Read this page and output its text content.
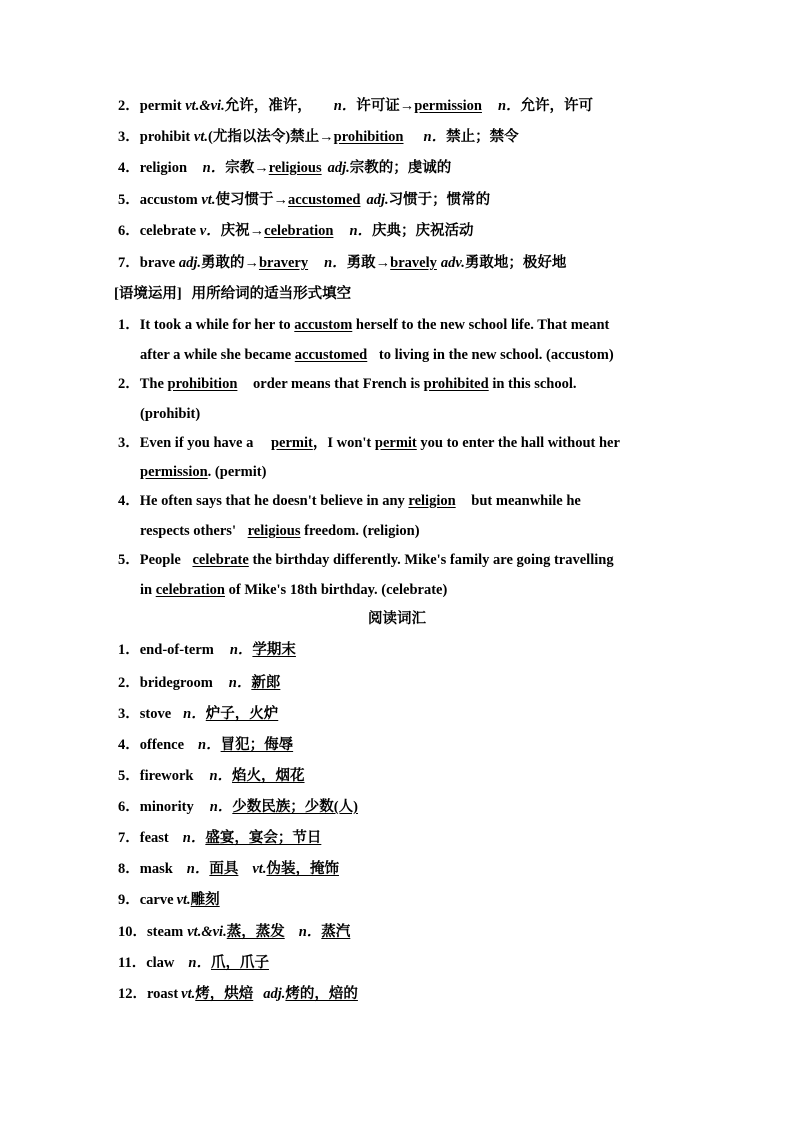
2．permit vt.&vi.允许，准许， n．许可证→permission n．允许，许可
3．prohibit vt.(尤指以法令)禁止→prohibition n．禁止；禁令
4．religion n．宗教→religious adj.宗教的；虔诚的
5．accustom vt.使习惯于→accustomed adj.习惯于；惯常的
6．celebrate v．庆祝→celebration n．庆典；庆祝活动
7．brave adj.勇敢的→bravery n．勇敢→bravely adv.勇敢地；极好地
[语境运用] 用所给词的适当形式填空
1．It took a while for her to accustom herself to the new school life. That meant
after a while she became accustomed to living in the new school. (accustom)
2．The prohibition order means that French is prohibited in this school.
(prohibit)
3．Even if you have a permit，I won't permit you to enter the hall without her
permission. (permit)
4．He often says that he doesn't believe in any religion but meanwhile he
respects others' religious freedom. (religion)
5．People celebrate the birthday differently. Mike's family are going travelling
in celebration of Mike's 18th birthday. (celebrate)
阅读词汇
1．end-of-term n．学期末
2．bridegroom n．新郎
3．stove n．炉子，火炉
4．offence n．冒犯；侮辱
5．firework n．焰火，烟花
6．minority n．少数民族；少数(人)
7．feast n．盛宴，宴会；节日
8．mask n．面具 vt.伪装，掩饰
9．carve vt.雕刻
10．steam vt.&vi.蒸，蒸发 n．蒸汽
11．claw n．爪，爪子
12．roast vt.烤，烘焙 adj.烤的，焙的
